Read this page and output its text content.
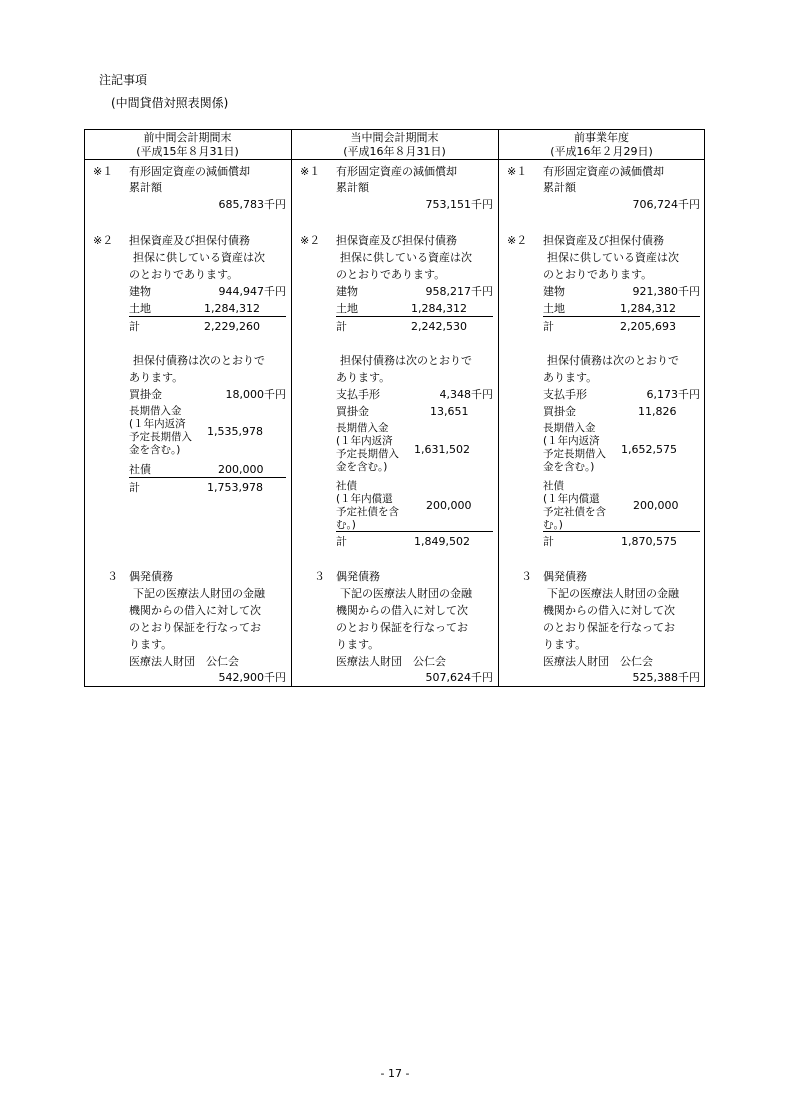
注記事項
(中間貸借対照表関係)
前中間会計期間末
(平成15年８月31日)
※１ 有形固定資産の減価償却
累計額
685,783千円
※２ 担保資産及び担保付債務
担保に供している資産は次
のとおりであります。
建物	944,947千円
土地	1,284,312
計	2,229,260
担保付債務は次のとおりで
あります。
買掛金	18,000千円
長期借入金
(１年内返済
予定長期借入
金を含む。)
1,535,978
社債	200,000
計	1,753,978
３ 偶発債務
下記の医療法人財団の金融
機関からの借入に対して次
のとおり保証を行なってお
ります。
医療法人財団　公仁会
542,900千円
当中間会計期間末
(平成16年８月31日)
※１ 有形固定資産の減価償却
累計額
753,151千円
※２ 担保資産及び担保付債務
担保に供している資産は次
のとおりであります。
建物	958,217千円
土地	1,284,312
計	2,242,530
担保付債務は次のとおりで
あります。
支払手形	4,348千円
買掛金	13,651
長期借入金
(１年内返済
予定長期借入
金を含む。)
1,631,502
社債
(１年内償還
予定社債を含
む。)
200,000
計	1,849,502
３ 偶発債務
下記の医療法人財団の金融
機関からの借入に対して次
のとおり保証を行なってお
ります。
医療法人財団　公仁会
507,624千円
前事業年度
(平成16年２月29日)
※１ 有形固定資産の減価償却
累計額
706,724千円
※２ 担保資産及び担保付債務
担保に供している資産は次
のとおりであります。
建物	921,380千円
土地	1,284,312
計	2,205,693
担保付債務は次のとおりで
あります。
支払手形	6,173千円
買掛金	11,826
長期借入金
(１年内返済
予定長期借入
金を含む。)
1,652,575
社債
(１年内償還
予定社債を含
む。)
200,000
計	1,870,575
３ 偶発債務
下記の医療法人財団の金融
機関からの借入に対して次
のとおり保証を行なってお
ります。
医療法人財団　公仁会
525,388千円
- 17 -
